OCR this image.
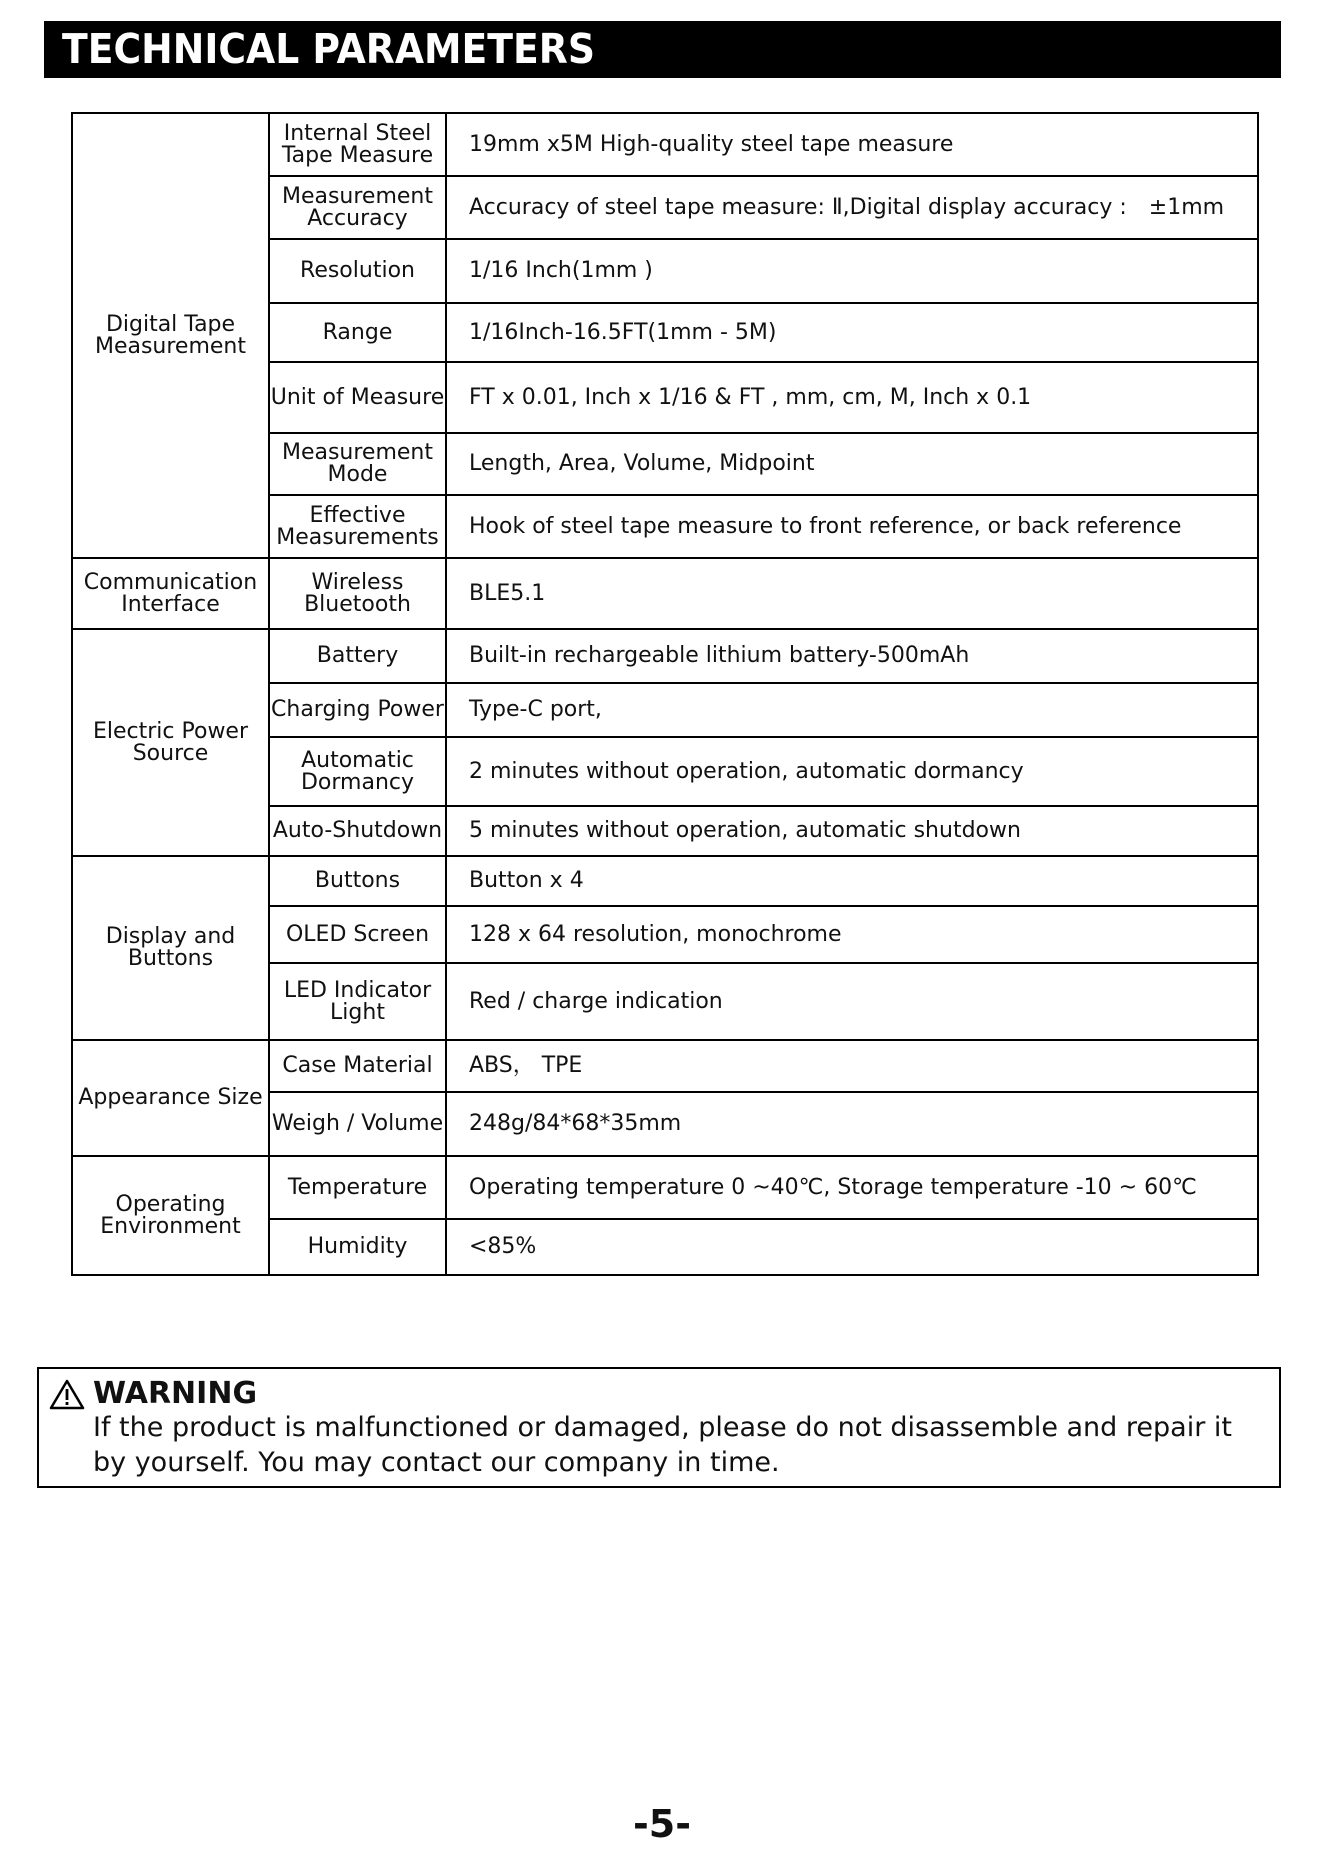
TECHNICAL PARAMETERS
Digital Tape Measurement	Internal Steel Tape Measure	19mm x5M High-quality steel tape measure
	Measurement Accuracy	Accuracy of steel tape measure: Ⅱ,Digital display accuracy :　±1mm
	Resolution	1/16 Inch(1mm )
	Range	1/16Inch-16.5FT(1mm - 5M)
	Unit of Measure	FT x 0.01, Inch x 1/16 & FT , mm, cm, M, Inch x 0.1
	Measurement Mode	Length, Area, Volume, Midpoint
	Effective Measurements	Hook of steel tape measure to front reference, or back reference
Communication Interface	Wireless Bluetooth	BLE5.1
Electric Power Source	Battery	Built-in rechargeable lithium battery-500mAh
	Charging Power	Type-C port,
	Automatic Dormancy	2 minutes without operation, automatic dormancy
	Auto-Shutdown	5 minutes without operation, automatic shutdown
Display and Buttons	Buttons	Button x 4
	OLED Screen	128 x 64 resolution, monochrome
	LED Indicator Light	Red / charge indication
Appearance Size	Case Material	ABS， TPE
	Weigh / Volume	248g/84*68*35mm
Operating Environment	Temperature	Operating temperature 0 ~40℃, Storage temperature -10 ~ 60℃
	Humidity	<85%
WARNING
If the product is malfunctioned or damaged, please do not disassemble and repair it by yourself. You may contact our company in time.
-5-
